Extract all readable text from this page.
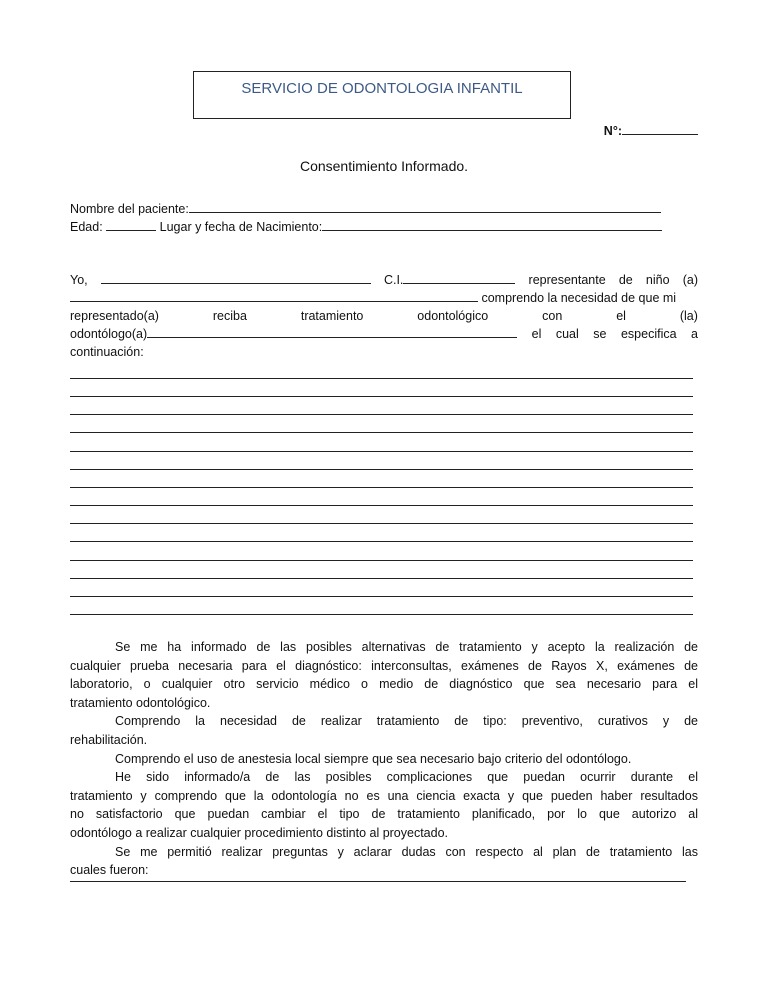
SERVICIO DE ODONTOLOGIA INFANTIL
N°:
Consentimiento Informado.
Nombre del paciente:
Edad:	Lugar y fecha de Nacimiento:
Yo,	C.I.	representante de niño (a)
comprendo la necesidad de que mi
representado(a)	reciba	tratamiento	odontológico	con	el	(la)
odontólogo(a)	el cual se especifica a
continuación:
Se me ha informado de las posibles alternativas de tratamiento y acepto la realización de
cualquier prueba necesaria para el diagnóstico: interconsultas, exámenes de Rayos X, exámenes de
laboratorio, o cualquier otro servicio médico o medio de diagnóstico que sea necesario para el
tratamiento odontológico.
Comprendo la necesidad de realizar tratamiento de tipo: preventivo, curativos y de
rehabilitación.
Comprendo el uso de anestesia local siempre que sea necesario bajo criterio del odontólogo.
He sido informado/a de las posibles complicaciones que puedan ocurrir durante el
tratamiento y comprendo que la odontología no es una ciencia exacta y que pueden haber resultados
no satisfactorio que puedan cambiar el tipo de tratamiento planificado, por lo que autorizo al
odontólogo a realizar cualquier procedimiento distinto al proyectado.
Se me permitió realizar preguntas y aclarar dudas con respecto al plan de tratamiento las
cuales fueron:
